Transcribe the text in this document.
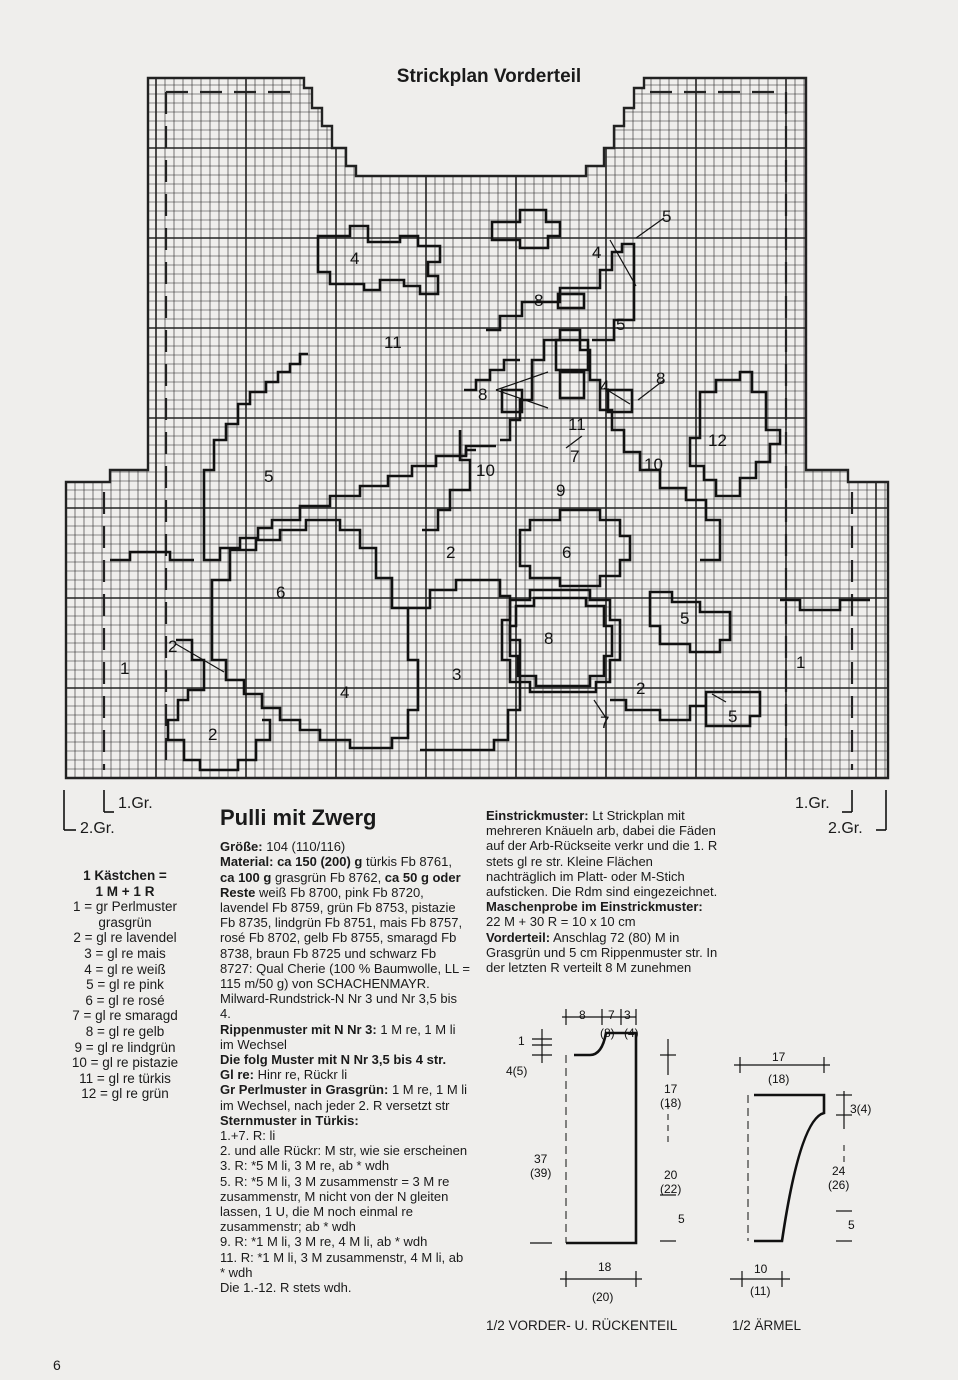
4
5
4
8
5
11
8	4	8
11
12
5	10
7	10
9
2	6
6
5
8
2
1	1
3
4	2
7	5
2
Strickplan Vorderteil
1.Gr.
2.Gr.
1.Gr.
2.Gr.
1 Kästchen =
1 M + 1 R
1 = gr Perlmuster
grasgrün
2 = gl re lavendel
3 = gl re mais
4 = gl re weiß
5 = gl re pink
6 = gl re rosé
7 = gl re smaragd
8 = gl re gelb
9 = gl re lindgrün
10 = gl re pistazie
11 = gl re türkis
12 = gl re grün
Pulli mit Zwerg

Größe: 104 (110/116)

Material: ca 150 (200) g türkis Fb 8761, ca 100 g grasgrün Fb 8762, ca 50 g oder Reste weiß Fb 8700, pink Fb 8720, lavendel Fb 8759, grün Fb 8753, pistazie Fb 8735, lindgrün Fb 8751, mais Fb 8757, rosé Fb 8702, gelb Fb 8755, smaragd Fb 8738, braun Fb 8725 und schwarz Fb 8727: Qual Cherie (100 % Baumwolle, LL = 115 m/50 g) von SCHACHENMAYR. Milward-Rundstrick-N Nr 3 und Nr 3,5 bis 4.

Rippenmuster mit N Nr 3: 1 M re, 1 M li im Wechsel

Die folg Muster mit N Nr 3,5 bis 4 str.

Gl re: Hinr re, Rückr li

Gr Perlmuster in Grasgrün: 1 M re, 1 M li im Wechsel, nach jeder 2. R versetzt str

Sternmuster in Türkis:

1.+7. R: li

2. und alle Rückr: M str, wie sie erscheinen

3. R: *5 M li, 3 M re, ab * wdh

5. R: *5 M li, 3 M zusammenstr = 3 M re zusammenstr, M nicht von der N gleiten lassen, 1 U, die M noch einmal re zusammenstr; ab * wdh

9. R: *1 M li, 3 M re, 4 M li, ab * wdh

11. R: *1 M li, 3 M zusammenstr, 4 M li, ab * wdh

Die 1.-12. R stets wdh.

Einstrickmuster: Lt Strickplan mit mehreren Knäueln arb, dabei die Fäden auf der Arb-Rückseite verkr und die 1. R stets gl re str. Kleine Flächen nachträglich im Platt- oder M-Stich aufsticken. Die Rdm sind eingezeichnet.

Maschenprobe im Einstrickmuster:

22 M + 30 R = 10 x 10 cm

Vorderteil: Anschlag 72 (80) M in Grasgrün und 5 cm Rippenmuster str. In der letzten R verteilt 8 M zunehmen

8 7 3
(8) (4)
1
4(5)
17
(18)
37
(39)	20
(22)
5
18
(20)
17
(18)
3(4)
24
(26)
5
10
(11)
1/2 VORDER- U. RÜCKENTEIL	1/2 ÄRMEL
6
